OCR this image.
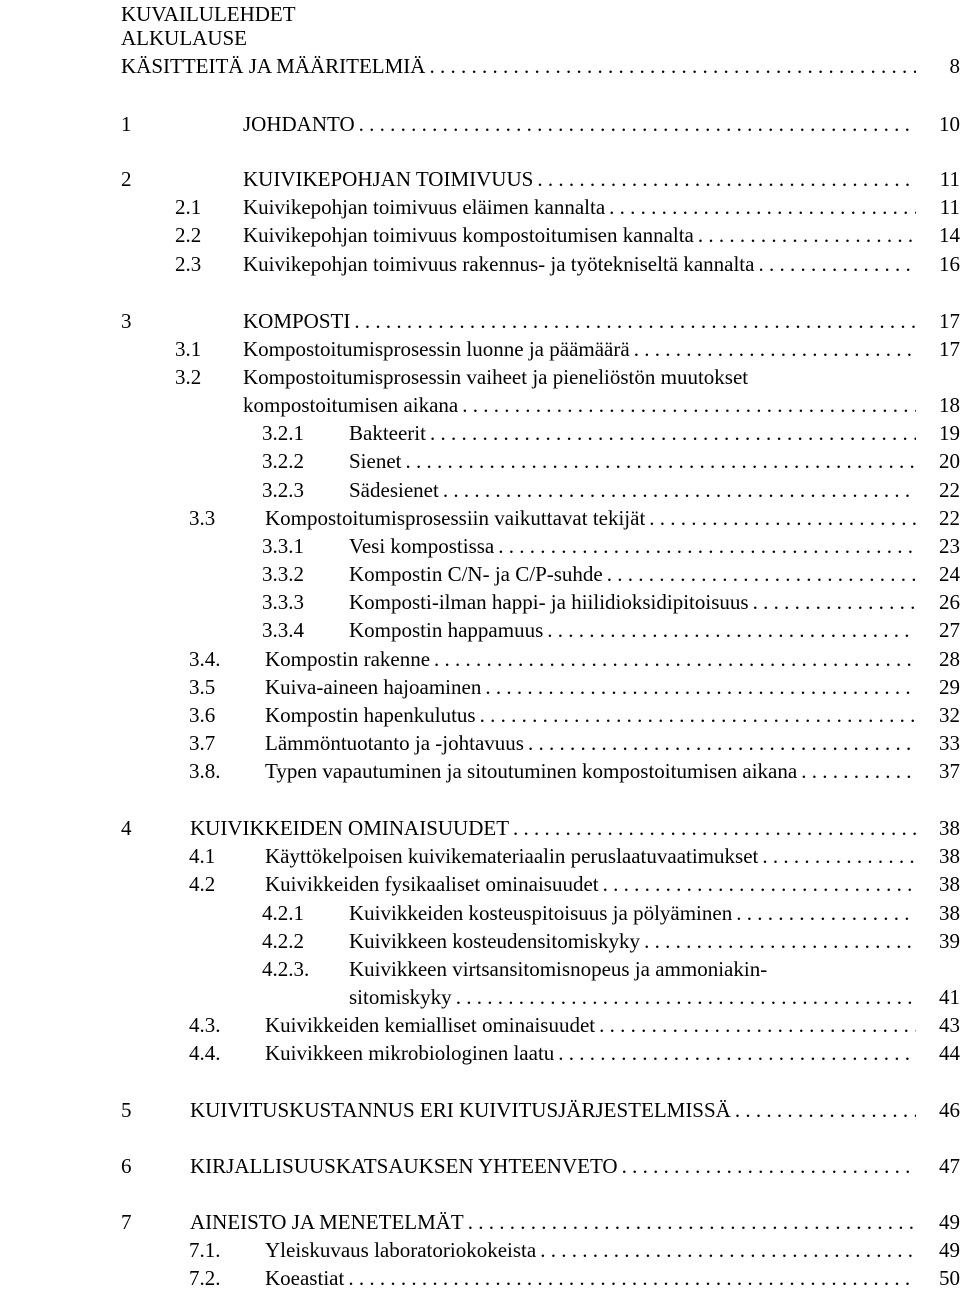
KUVAILULEHDET
ALKULAUSE
KÄSITTEITÄ JA MÄÄRITELMIÄ . . .	8
1	JOHDANTO . . .	10
2	KUIVIKEPOHJAN TOIMIVUUS . . .	11
2.1 Kuivikepohjan toimivuus eläimen kannalta . . .	11
2.2 Kuivikepohjan toimivuus kompostoitumisen kannalta . . .	14
2.3 Kuivikepohjan toimivuus rakennus- ja työtekniseltä kannalta . . .	16
3	KOMPOSTI . . .	17
3.1 Kompostoitumisprosessin luonne ja päämäärä . . .	17
3.2 Kompostoitumisprosessin vaiheet ja pieneliöstön muutokset
kompostoitumisen aikana . . .	18
3.2.1 Bakteerit . . .	19
3.2.2 Sienet . . .	20
3.2.3 Sädesienet . . .	22
3.3 Kompostoitumisprosessiin vaikuttavat tekijät . . .	22
3.3.1 Vesi kompostissa . . .	23
3.3.2 Kompostin C/N- ja C/P-suhde . . .	24
3.3.3 Komposti-ilman happi- ja hiilidioksidipitoisuus . . .	26
3.3.4 Kompostin happamuus . . .	27
3.4. Kompostin rakenne . . .	28
3.5 Kuiva-aineen hajoaminen . . .	29
3.6 Kompostin hapenkulutus . . .	32
3.7 Lämmöntuotanto ja -johtavuus . . .	33
3.8. Typen vapautuminen ja sitoutuminen kompostoitumisen aikana . . .	37
4	KUIVIKKEIDEN OMINAISUUDET . . .	38
4.1 Käyttökelpoisen kuivikemateriaalin peruslaatuvaatimukset . . .	38
4.2 Kuivikkeiden fysikaaliset ominaisuudet . . .	38
4.2.1 Kuivikkeiden kosteuspitoisuus ja pölyäminen . . .	38
4.2.2 Kuivikkeen kosteudensitomiskyky . . .	39
4.2.3. Kuivikkeen virtsansitomisnopeus ja ammoniakin-
sitomiskyky . . .	41
4.3. Kuivikkeiden kemialliset ominaisuudet . . .	43
4.4. Kuivikkeen mikrobiologinen laatu . . .	44
5	KUIVITUSKUSTANNUS ERI KUIVITUSJÄRJESTELMISSÄ . . .	46
6	KIRJALLISUUSKATSAUKSEN YHTEENVETO . . .	47
7	AINEISTO JA MENETELMÄT . . .	49
7.1. Yleiskuvaus laboratoriokokeista . . .	49
7.2. Koeastiat . . .	50
